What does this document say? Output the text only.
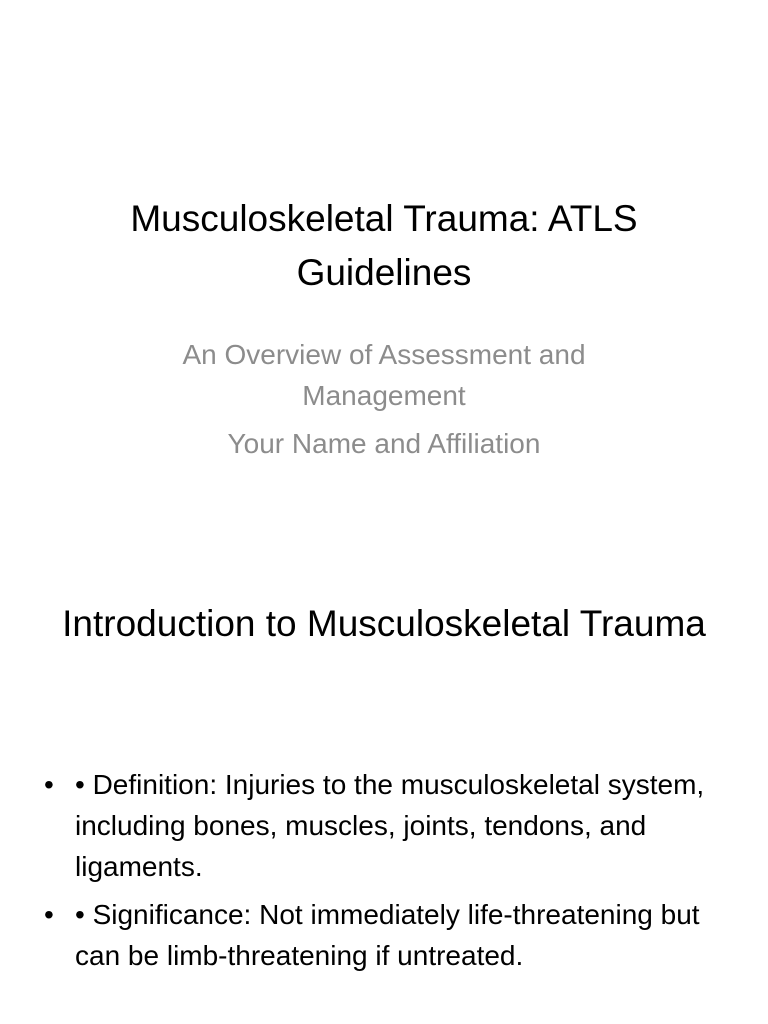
Musculoskeletal Trauma: ATLS Guidelines
An Overview of Assessment and Management
Your Name and Affiliation
Introduction to Musculoskeletal Trauma
• • Definition: Injuries to the musculoskeletal system, including bones, muscles, joints, tendons, and ligaments.
• • Significance: Not immediately life-threatening but can be limb-threatening if untreated.
